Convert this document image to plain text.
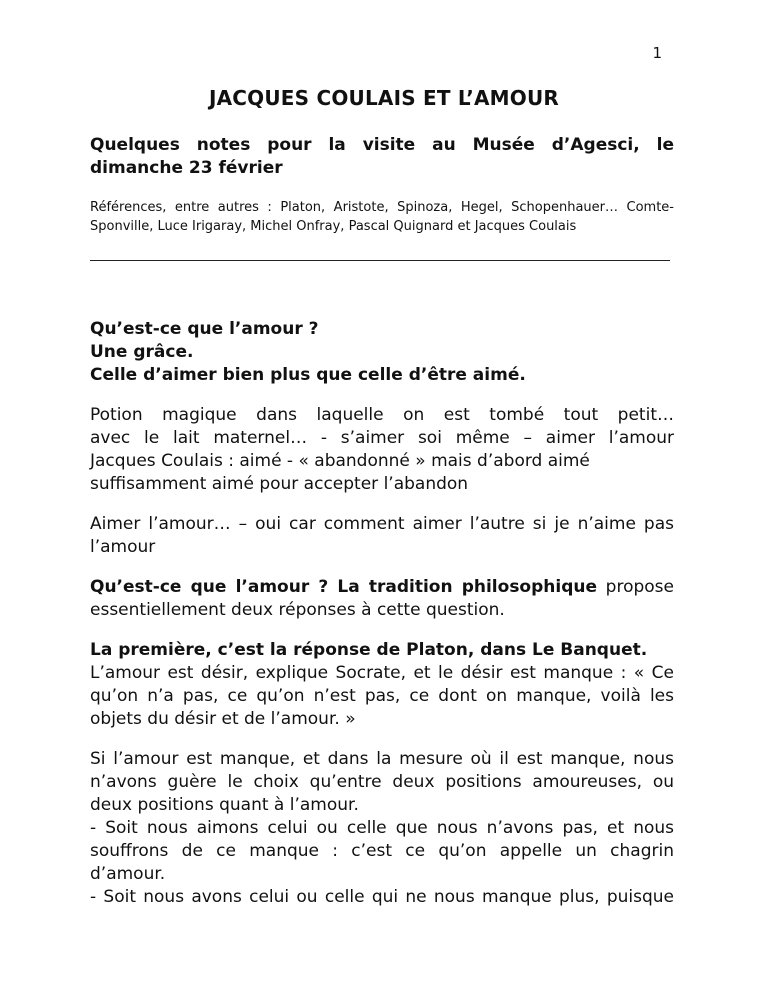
1
JACQUES COULAIS ET L’AMOUR

Quelques notes pour la visite au Musée d’Agesci, le dimanche 23 février

Références, entre autres : Platon, Aristote, Spinoza, Hegel, Schopenhauer… Comte-Sponville, Luce Irigaray, Michel Onfray, Pascal Quignard et Jacques Coulais

Qu’est-ce que l’amour ?
Une grâce.
Celle d’aimer bien plus que celle d’être aimé.
Potion magique dans laquelle on est tombé tout petit…
avec le lait maternel… - s’aimer soi même – aimer l’amour
Jacques Coulais : aimé - « abandonné » mais d’abord aimé
suffisamment aimé pour accepter l’abandon

Aimer l’amour… – oui car comment aimer l’autre si je n’aime pas l’amour

Qu’est-ce que l’amour ? La tradition philosophique propose essentiellement deux réponses à cette question.

La première, c’est la réponse de Platon, dans Le Banquet.
L’amour est désir, explique Socrate, et le désir est manque : « Ce qu’on n’a pas, ce qu’on n’est pas, ce dont on manque, voilà les objets du désir et de l’amour. »
Si l’amour est manque, et dans la mesure où il est manque, nous n’avons guère le choix qu’entre deux positions amoureuses, ou deux positions quant à l’amour.
- Soit nous aimons celui ou celle que nous n’avons pas, et nous souffrons de ce manque : c’est ce qu’on appelle un chagrin d’amour.
- Soit nous avons celui ou celle qui ne nous manque plus, puisque
